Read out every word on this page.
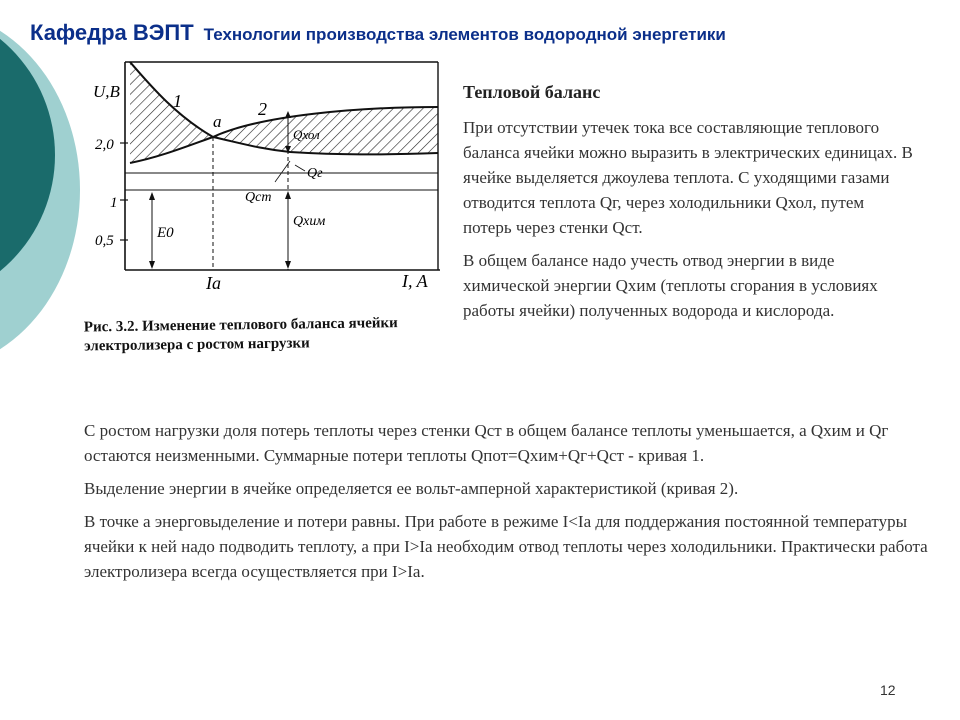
Кафедра ВЭПТ Технологии производства элементов водородной энергетики
U,B
2,0
1
0,5
1	2
a
Qхол
Qг
Qст
Qхим
E0
Ia	I, A
Рис. 3.2. Изменение теплового баланса ячейки электролизера с ростом нагрузки
Тепловой баланс

При отсутствии утечек тока все составляющие теплового баланса ячейки можно выразить в электрических единицах. В ячейке выделяется джоулева теплота. С уходящими газами отводится теплота Qг, через холодильники Qхол, путем потерь через стенки Qст.

В общем балансе надо учесть отвод энергии в виде химической энергии Qхим (теплоты сгорания в условиях работы ячейки) полученных водорода и кислорода.

С ростом нагрузки доля потерь теплоты через стенки Qст в общем балансе теплоты уменьшается, а Qхим и Qг остаются неизменными. Суммарные потери теплоты Qпот=Qхим+Qг+Qст - кривая 1.

Выделение энергии в ячейке определяется ее вольт-амперной характеристикой (кривая 2).

В точке а энерговыделение и потери равны. При работе в режиме I<Ia для поддержания постоянной температуры ячейки к ней надо подводить теплоту, а при I>Ia необходим отвод теплоты через холодильники. Практически работа электролизера всегда осуществляется при I>Ia.

12
